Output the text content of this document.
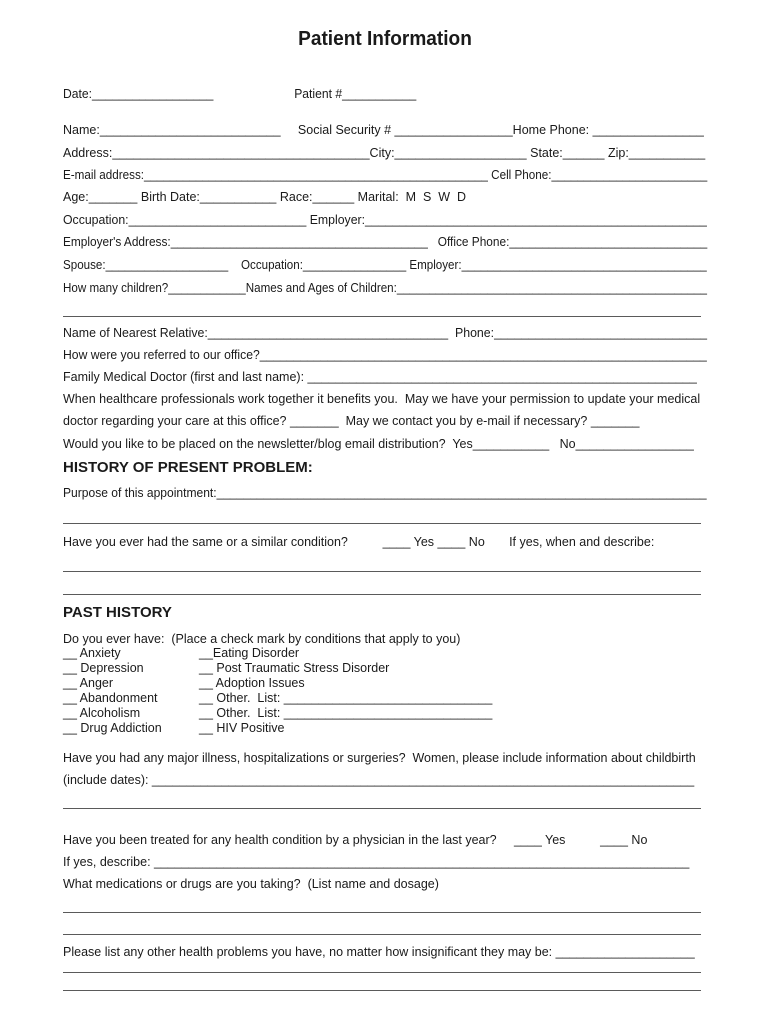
Patient Information

Date:__________________                        Patient #___________

Name:__________________________     Social Security # _________________Home Phone: ________________

Address:_____________________________________City:___________________ State:______ Zip:___________

E-mail address:_____________________________________________________ Cell Phone:________________________

Age:_______ Birth Date:___________ Race:______ Marital:  M  S  W  D

Occupation:__________________________ Employer:__________________________________________________

Employer's Address:_______________________________________   Office Phone:______________________________

Spouse:___________________    Occupation:________________ Employer:______________________________________

How many children?____________Names and Ages of Children:________________________________________________

Name of Nearest Relative:___________________________________  Phone:_______________________________

How were you referred to our office?__________________________________________________________________

Family Medical Doctor (first and last name): ________________________________________________________

When healthcare professionals work together it benefits you.  May we have your permission to update your medical

doctor regarding your care at this office? _______  May we contact you by e-mail if necessary? _______

Would you like to be placed on the newsletter/blog email distribution?  Yes___________   No_________________

HISTORY OF PRESENT PROBLEM:

Purpose of this appointment:_________________________________________________________________________

Have you ever had the same or a similar condition?          ____ Yes ____ No       If yes, when and describe:

PAST HISTORY

Do you ever have:  (Place a check mark by conditions that apply to you)

__ Anxiety

__ Depression

__ Anger

__ Abandonment

__ Alcoholism

__ Drug Addiction

__Eating Disorder

__ Post Traumatic Stress Disorder

__ Adoption Issues

__ Other.  List: ______________________________

__ Other.  List: ______________________________

__ HIV Positive

Have you had any major illness, hospitalizations or surgeries?  Women, please include information about childbirth

(include dates): ______________________________________________________________________________

Have you been treated for any health condition by a physician in the last year?     ____ Yes          ____ No

If yes, describe: _____________________________________________________________________________

What medications or drugs are you taking?  (List name and dosage)

Please list any other health problems you have, no matter how insignificant they may be: ____________________
